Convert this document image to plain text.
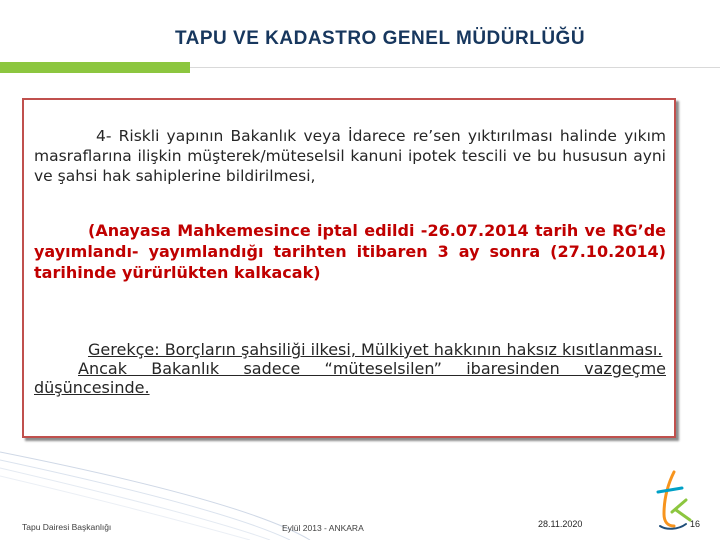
TAPU VE KADASTRO GENEL MÜDÜRLÜĞÜ
4- Riskli yapının Bakanlık veya İdarece re’sen yıktırılması halinde yıkım masraflarına ilişkin müşterek/müteselsil kanuni ipotek tescili ve bu hususun ayni ve şahsi hak sahiplerine bildirilmesi,
(Anayasa Mahkemesince iptal edildi -26.07.2014 tarih ve RG’de yayımlandı- yayımlandığı tarihten itibaren 3 ay sonra (27.10.2014) tarihinde yürürlükten kalkacak)
Gerekçe: Borçların şahsiliği ilkesi, Mülkiyet hakkının haksız kısıtlanması.
Ancak Bakanlık sadece “müteselsilen” ibaresinden vazgeçme düşüncesinde.
Tapu Dairesi Başkanlığı	Eylül 2013 - ANKARA	28.11.2020	16
